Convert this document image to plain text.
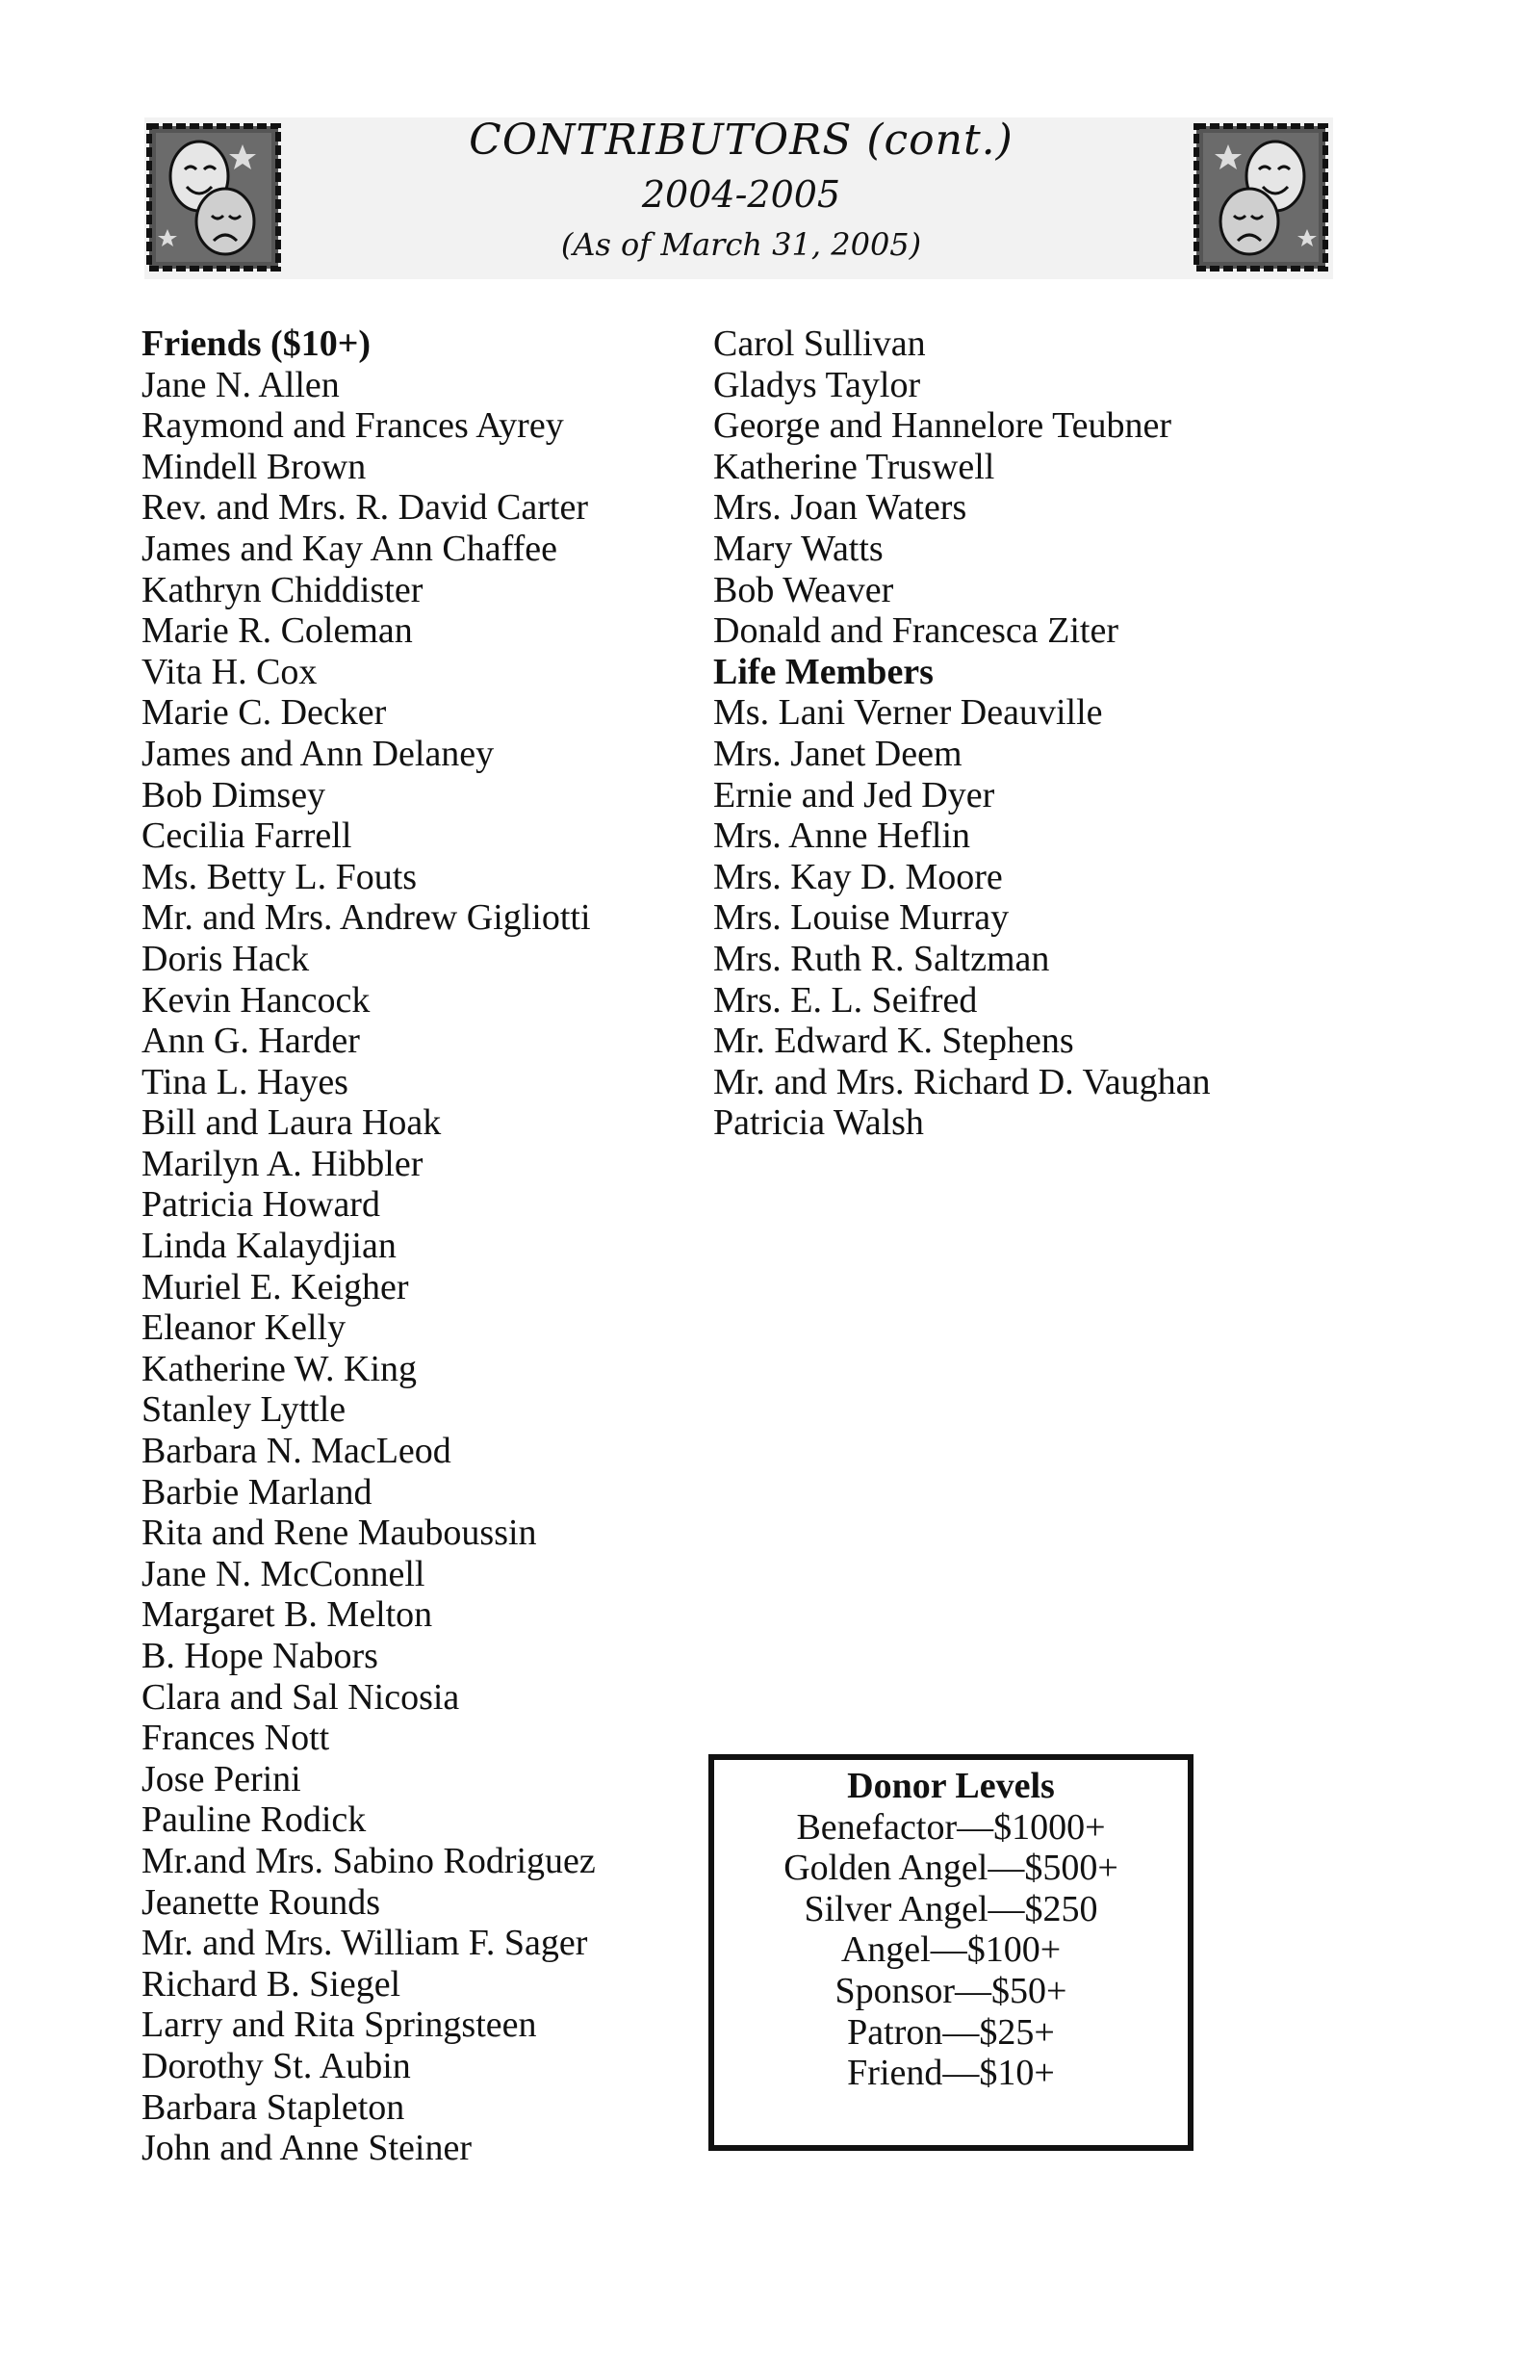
CONTRIBUTORS (cont.)
2004-2005
(As of March 31, 2005)
Friends ($10+)
Jane N. Allen
Raymond and Frances Ayrey
Mindell Brown
Rev. and Mrs. R. David Carter
James and Kay Ann Chaffee
Kathryn Chiddister
Marie R. Coleman
Vita H. Cox
Marie C. Decker
James and Ann Delaney
Bob Dimsey
Cecilia Farrell
Ms. Betty L. Fouts
Mr. and Mrs. Andrew Gigliotti
Doris Hack
Kevin Hancock
Ann G. Harder
Tina L. Hayes
Bill and Laura Hoak
Marilyn A. Hibbler
Patricia Howard
Linda Kalaydjian
Muriel E. Keigher
Eleanor Kelly
Katherine W. King
Stanley Lyttle
Barbara N. MacLeod
Barbie Marland
Rita and Rene Mauboussin
Jane N. McConnell
Margaret B. Melton
B. Hope Nabors
Clara and Sal Nicosia
Frances Nott
Jose Perini
Pauline Rodick
Mr.and Mrs. Sabino Rodriguez
Jeanette Rounds
Mr. and Mrs. William F. Sager
Richard B. Siegel
Larry and Rita Springsteen
Dorothy St. Aubin
Barbara Stapleton
John and Anne Steiner
Carol Sullivan
Gladys Taylor
George and Hannelore Teubner
Katherine Truswell
Mrs. Joan Waters
Mary Watts
Bob Weaver
Donald and Francesca Ziter
Life Members
Ms. Lani Verner Deauville
Mrs. Janet Deem
Ernie and Jed Dyer
Mrs. Anne Heflin
Mrs. Kay D. Moore
Mrs. Louise Murray
Mrs. Ruth R. Saltzman
Mrs. E. L. Seifred
Mr. Edward K. Stephens
Mr. and Mrs. Richard D. Vaughan
Patricia Walsh
Donor Levels
Benefactor—$1000+
Golden Angel—$500+
Silver Angel—$250
Angel—$100+
Sponsor—$50+
Patron—$25+
Friend—$10+
